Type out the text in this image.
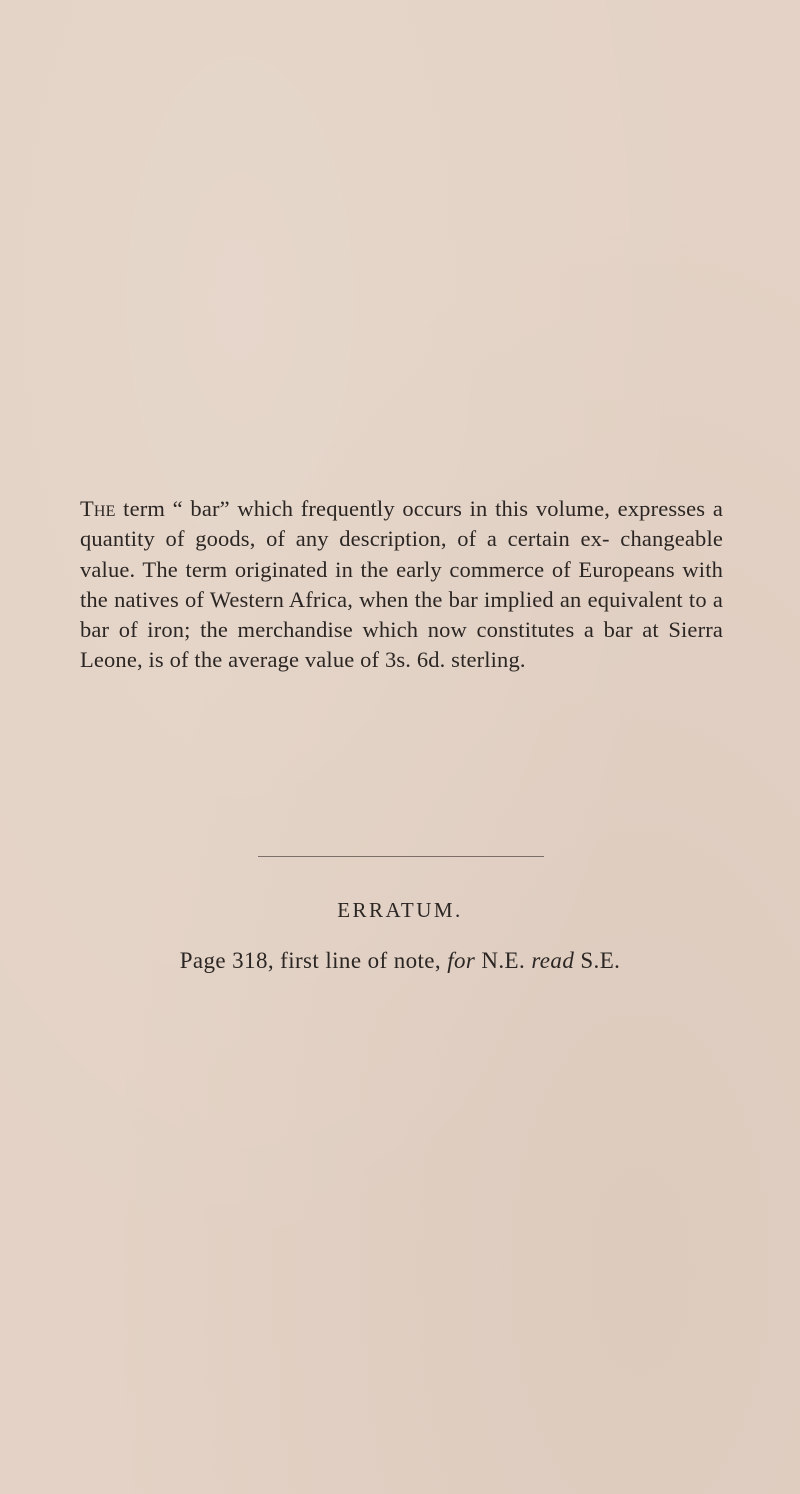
The term “ bar” which frequently occurs in this volume, expresses a quantity of goods, of any description, of a certain ex- changeable value. The term originated in the early commerce of Europeans with the natives of Western Africa, when the bar implied an equivalent to a bar of iron; the merchandise which now constitutes a bar at Sierra Leone, is of the average value of 3s. 6d. sterling.

ERRATUM.
Page 318, first line of note, for N.E. read S.E.
